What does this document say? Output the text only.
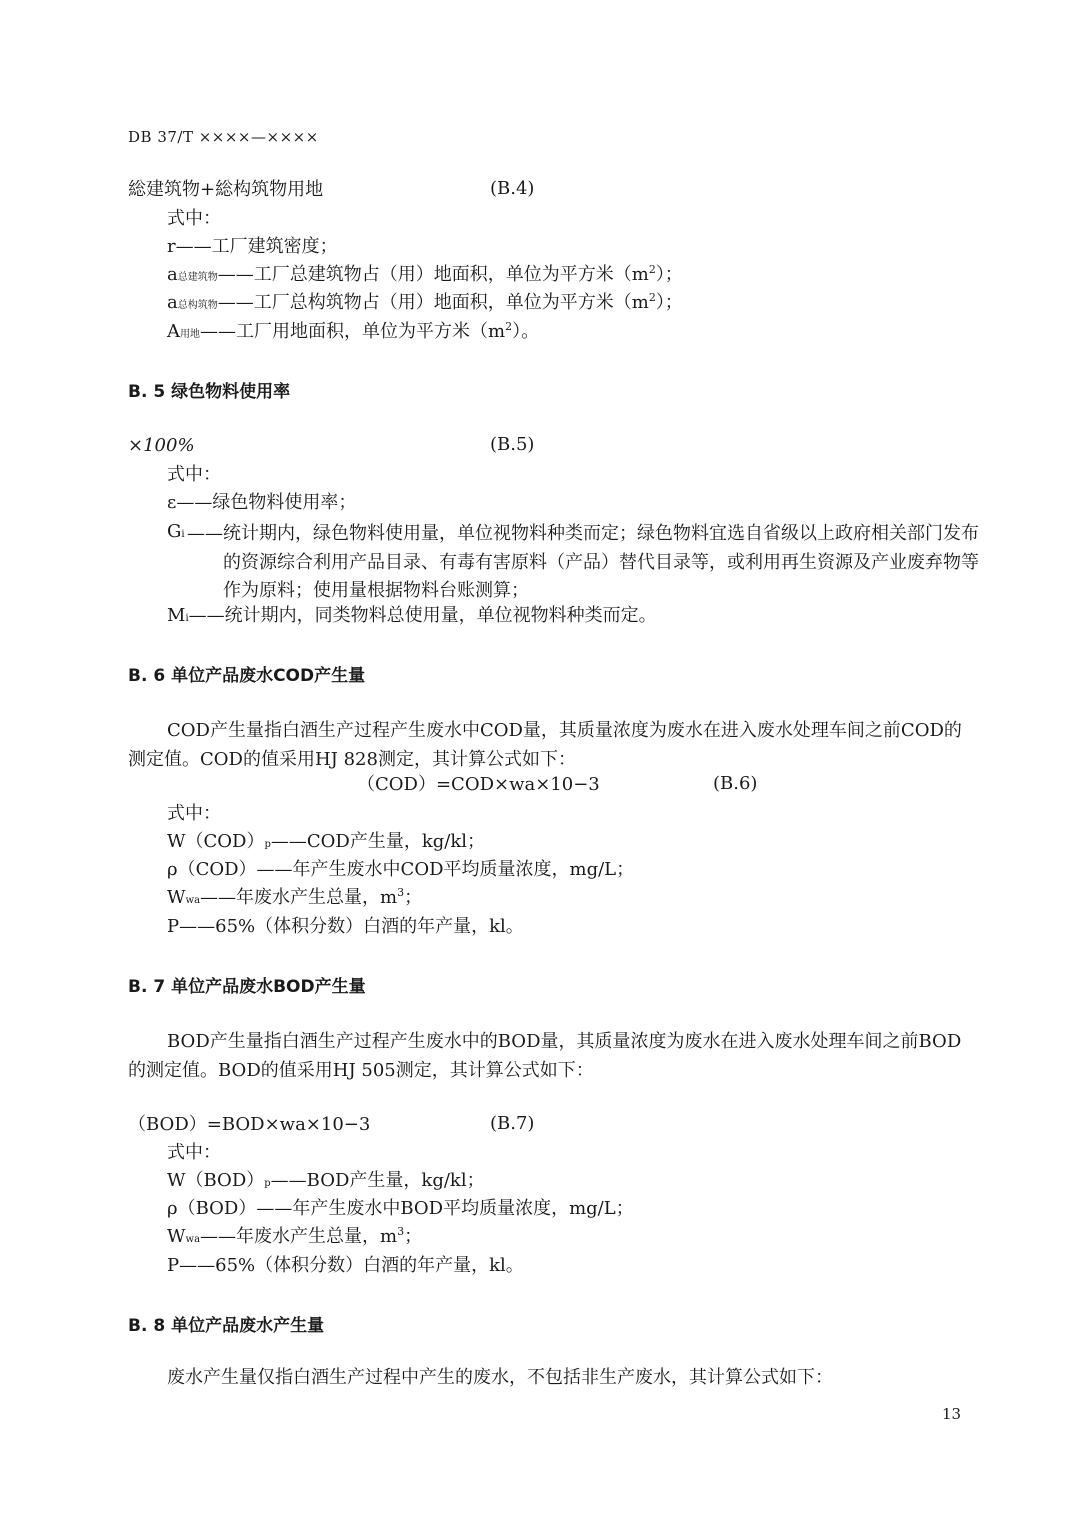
DB 37/T ××××—××××
総建筑物+総构筑物用地	(B.4)
式中：
r——工厂建筑密度；
a总建筑物——工厂总建筑物占（用）地面积，单位为平方米$(m^2)$；
a总构筑物——工厂总构筑物占（用）地面积，单位为平方米$(m^2)$；
A用地——工厂用地面积，单位为平方米$(m^2)$。
B. 5 绿色物料使用率
×100%	(B.5)
式中：
ε——绿色物料使用率；
Gi ——统计期内，绿色物料使用量，单位视物料种类而定；绿色物料宜选自省级以上政府相关部门发布的资源综合利用产品目录、有毒有害原料（产品）替代目录等，或利用再生资源及产业废弃物等作为原料；使用量根据物料台账测算；
Mi——统计期内，同类物料总使用量，单位视物料种类而定。
B. 6 单位产品废水COD产生量
COD产生量指白酒生产过程产生废水中COD量，其质量浓度为废水在进入废水处理车间之前COD的测定值。COD的值采用HJ 828测定，其计算公式如下：
（COD）=COD×wa×10−3	(B.6)
式中：
W（COD）p——COD产生量，kg/kl；
ρ（COD）——年产生废水中COD平均质量浓度，mg/L；
Wwa——年废水产生总量，$m^3$；
P——65%（体积分数）白酒的年产量，kl。
B. 7 单位产品废水BOD产生量
BOD产生量指白酒生产过程产生废水中的BOD量，其质量浓度为废水在进入废水处理车间之前BOD的测定值。BOD的值采用HJ 505测定，其计算公式如下：
（BOD）=BOD×wa×10−3	(B.7)
式中：
W（BOD）p——BOD产生量，kg/kl；
ρ（BOD）——年产生废水中BOD平均质量浓度，mg/L；
Wwa——年废水产生总量，$m^3$；
P——65%（体积分数）白酒的年产量，kl。
B. 8 单位产品废水产生量
废水产生量仅指白酒生产过程中产生的废水，不包括非生产废水，其计算公式如下：
13
